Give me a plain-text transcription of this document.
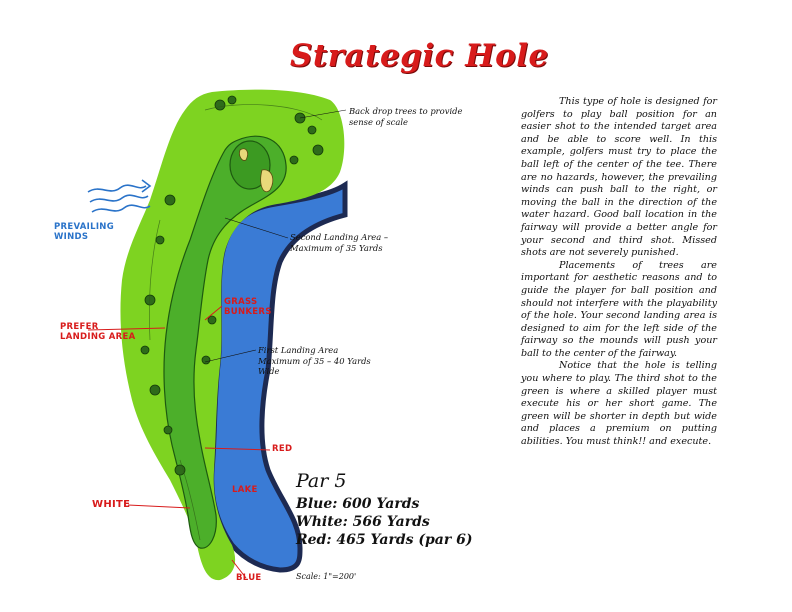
Strategic Hole
Back drop trees to provide sense of scale
Second Landing Area – Maximum of 35 Yards
First Landing Area Maximum of 35 – 40 Yards Wide
PREVAILING WINDS
PREFER LANDING AREA
GRASS BUNKERS
RED
WHITE
LAKE
BLUE

This type of hole is designed for golfers to play ball position for an easier shot to the intended target area and be able to score well. In this example, golfers must try to place the ball left of the center of the tee. There are no hazards, however, the prevailing winds can push ball to the right, or moving the ball in the direction of the water hazard. Good ball location in the fairway will provide a better angle for your second and third shot. Missed shots are not severely punished.

Placements of trees are important for aesthetic reasons and to guide the player for ball position and should not interfere with the playability of the hole. Your second landing area is designed to aim for the left side of the fairway so the mounds will push your ball to the center of the fairway.

Notice that the hole is telling you where to play. The third shot to the green is where a skilled player must execute his or her short game. The green will be shorter in depth but wide and places a premium on putting abilities. You must think!! and execute.

Par 5
Blue: 600 Yards
White: 566 Yards
Red: 465 Yards (par 6)
Scale: 1"=200'
